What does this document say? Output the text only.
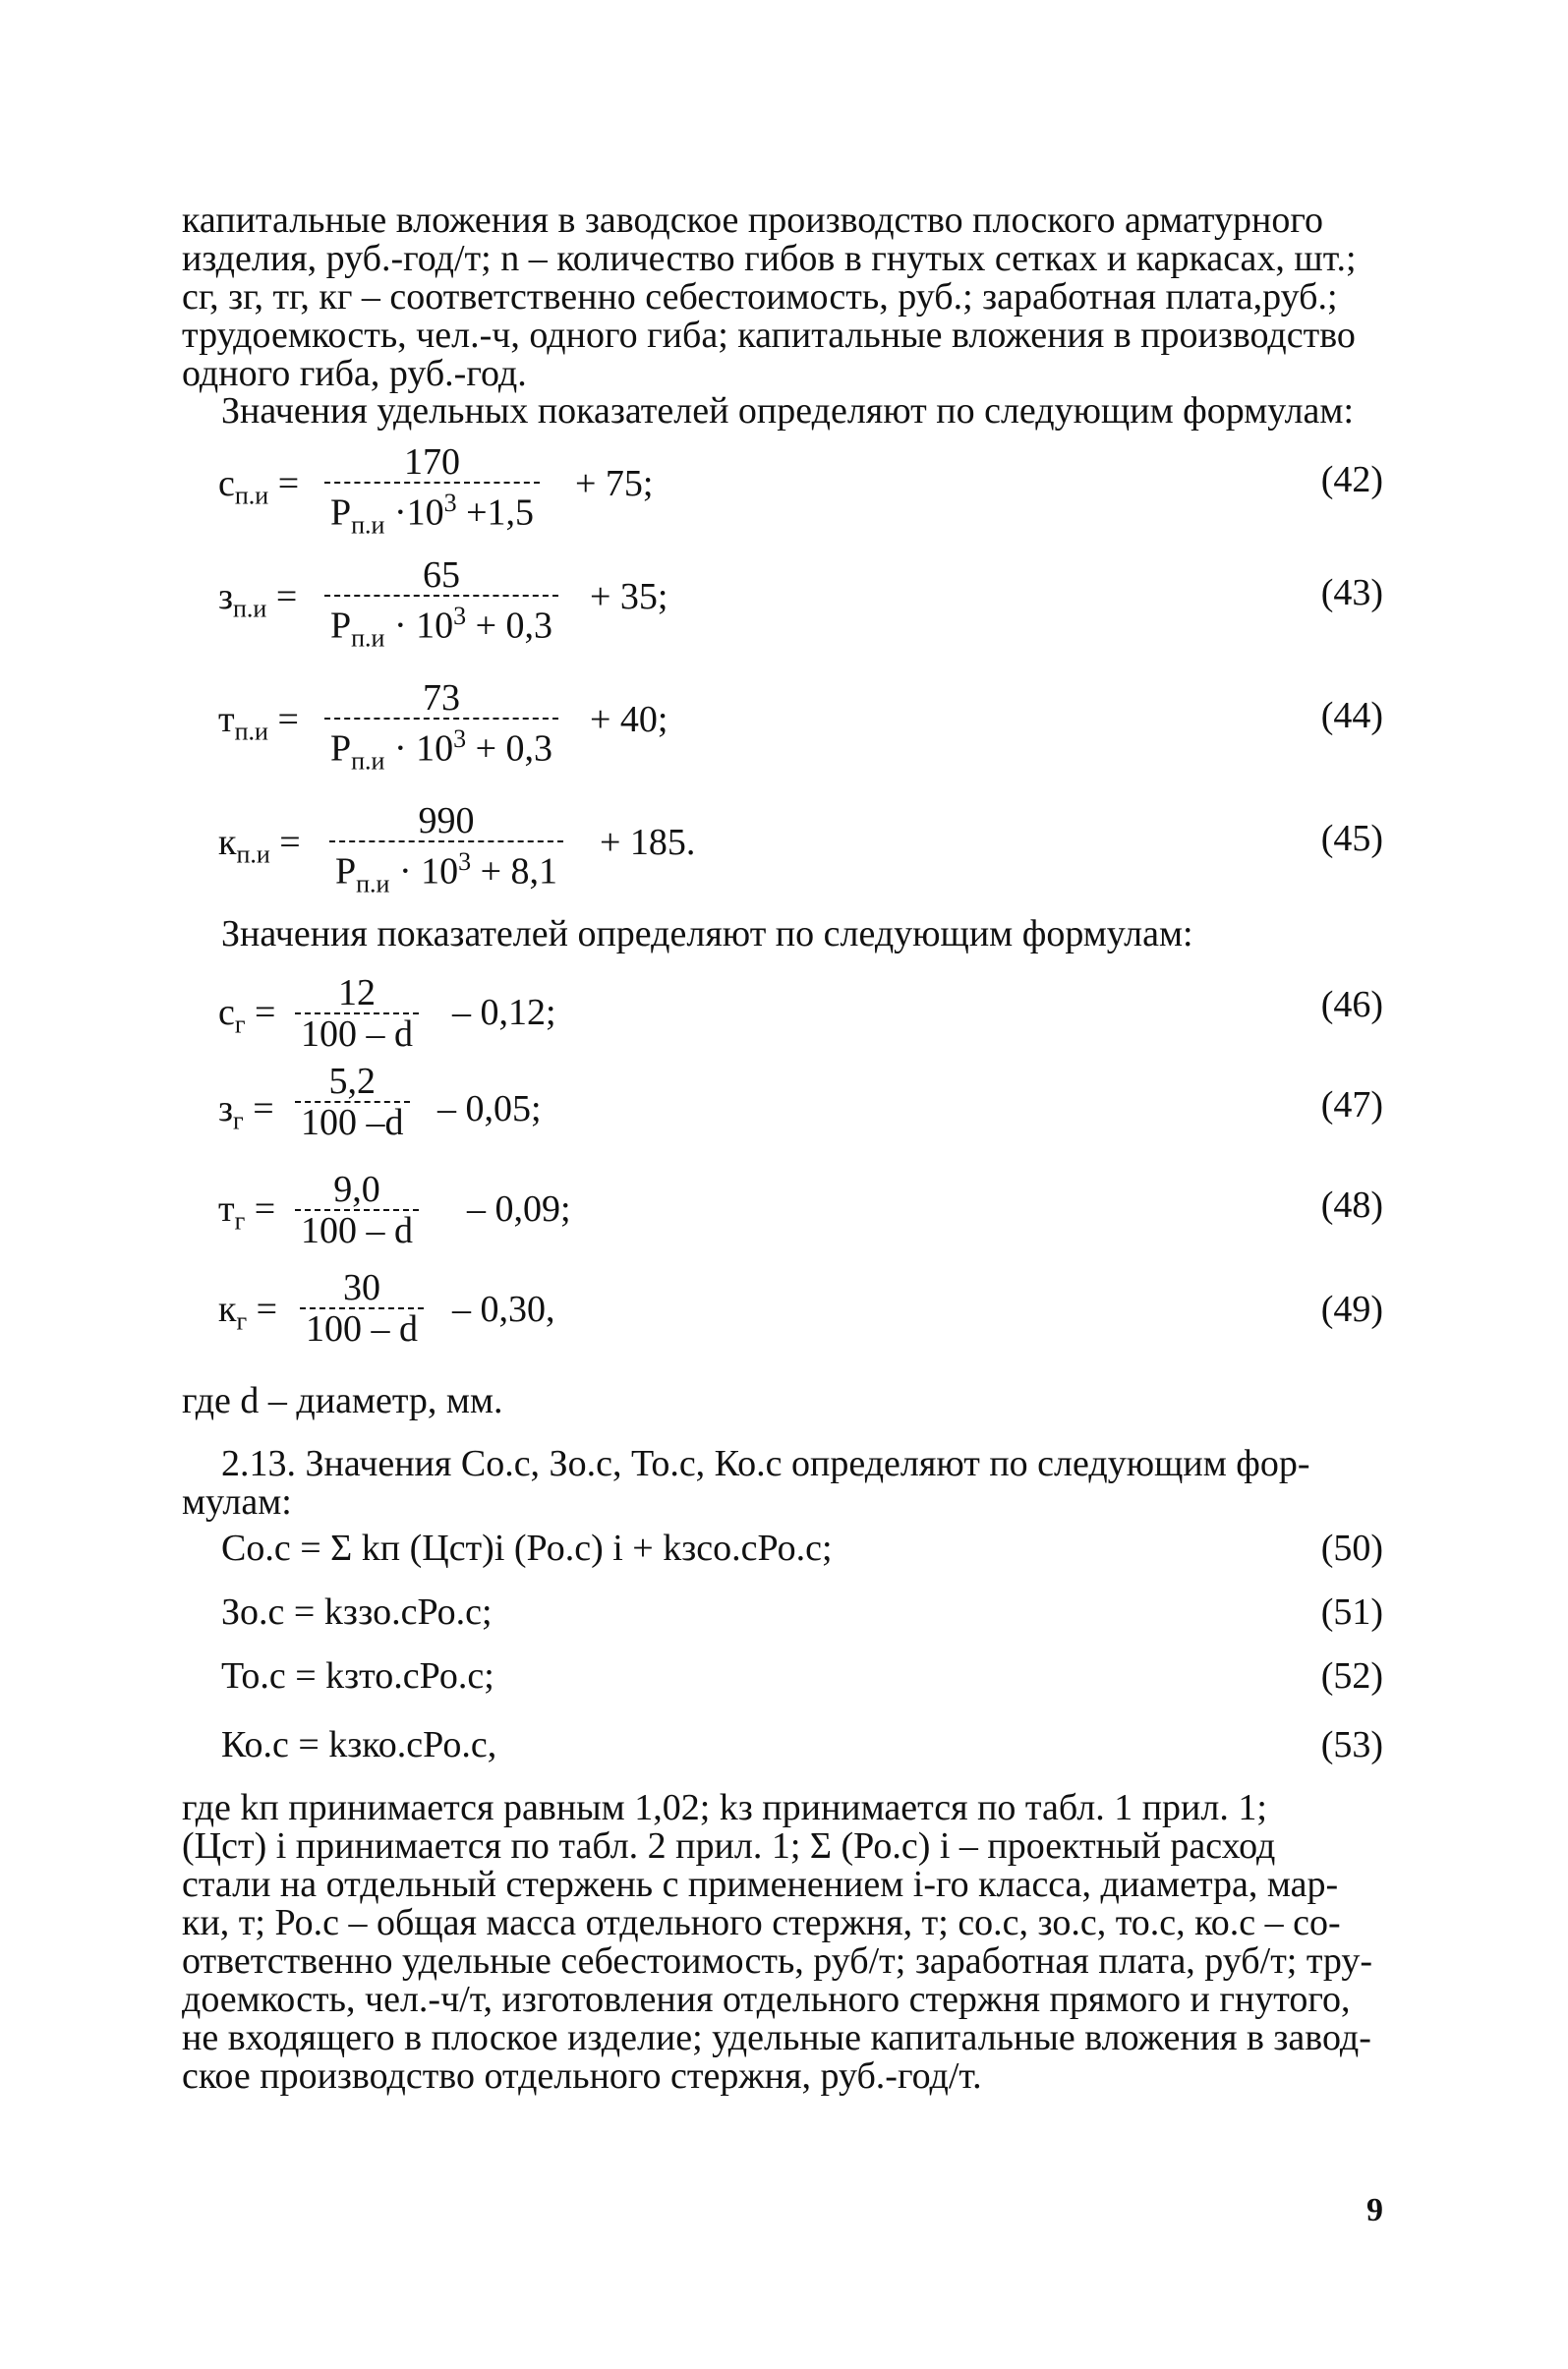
капитальные вложения в заводское производство плоского арматурного

изделия, руб.-год/т; n – количество гибов в гнутых сетках и каркасах, шт.;

сг, зг, тг, кг – соответственно себестоимость, руб.; заработная плата,руб.;

трудоемкость, чел.-ч, одного гиба; капитальные вложения в производство

одного гиба, руб.-год.

Значения удельных показателей определяют по следующим формулам:
$с_{п.и}$ =
170
$Р_{п.и} \cdot 10^3 +1,5$
+ 75;	(42)
$з_{п.и}$ =
65
$Р_{п.и} \cdot 10^3 + 0,3$
+ 35;	(43)
$т_{п.и}$ =
73
$Р_{п.и} \cdot 10^3 + 0,3$
+ 40;	(44)
$к_{п.и}$ =
990
$Р_{п.и} \cdot 10^3 + 8,1$
+ 185.	(45)
Значения показателей определяют по следующим формулам:
$с_г = \frac{12}{100 - d} - 0,12$;	(46)
$з_г = \frac{5,2}{100 -d} - 0,05$;	(47)
$т_г = \frac{9,0}{100 - d} - 0,09$;	(48)
$к_г = \frac{30}{100 - d} - 0,30$,	(49)
где d – диаметр, мм.

2.13. Значения Со.с, Зо.с, То.с, Ко.с определяют по следующим фор-

мулам:

Со.с = Σ kп (Цст)i (Ро.с) i + kзсо.сРо.с;	(50)
Зо.с = kззо.сРо.с;	(51)
То.с = kзто.сРо.с;	(52)
Ко.с = kзко.сРо.с,	(53)

где kп принимается равным 1,02; kз принимается по табл. 1 прил. 1;

(Цст) i принимается по табл. 2 прил. 1; Σ (Ро.с) i – проектный расход

стали на отдельный стержень с применением i-го класса, диаметра, мар-

ки, т; Ро.с – общая масса отдельного стержня, т; со.с, зо.с, то.с, ко.с – со-

ответственно удельные себестоимость, руб/т; заработная плата, руб/т; тру-

доемкость, чел.-ч/т, изготовления отдельного стержня прямого и гнутого,

не входящего в плоское изделие; удельные капитальные вложения в завод-

ское производство отдельного стержня, руб.-год/т.

9
